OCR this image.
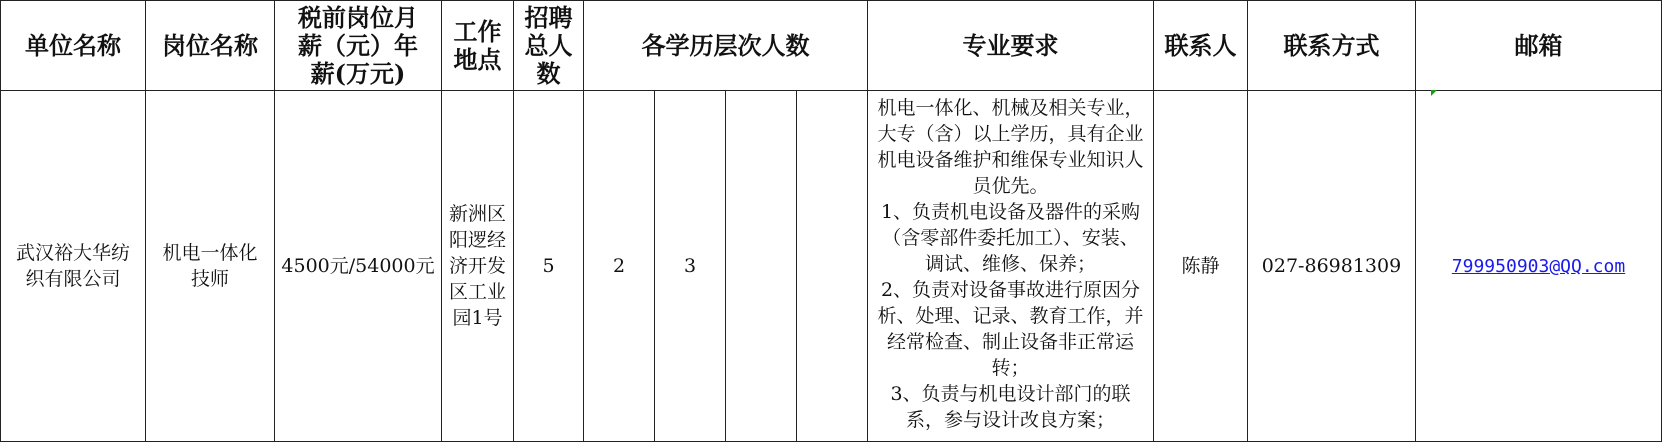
单位名称	岗位名称	税前岗位月薪（元）年薪(万元)	工作地点	招聘总人数	各学历层次人数				专业要求	联系人	联系方式	邮箱
武汉裕大华纺织有限公司	机电一体化技师	4500元/54000元	新洲区阳逻经济开发区工业园1号	5	2	3			机电一体化、机械及相关专业，大专（含）以上学历，具有企业机电设备维护和维保专业知识人员优先。
1、负责机电设备及器件的采购（含零部件委托加工）、安装、调试、维修、保养；
2、负责对设备事故进行原因分析、处理、记录、教育工作，并经常检查、制止设备非正常运转；
3、负责与机电设计部门的联系，参与设计改良方案；	陈静	027-86981309	799950903@QQ.com
